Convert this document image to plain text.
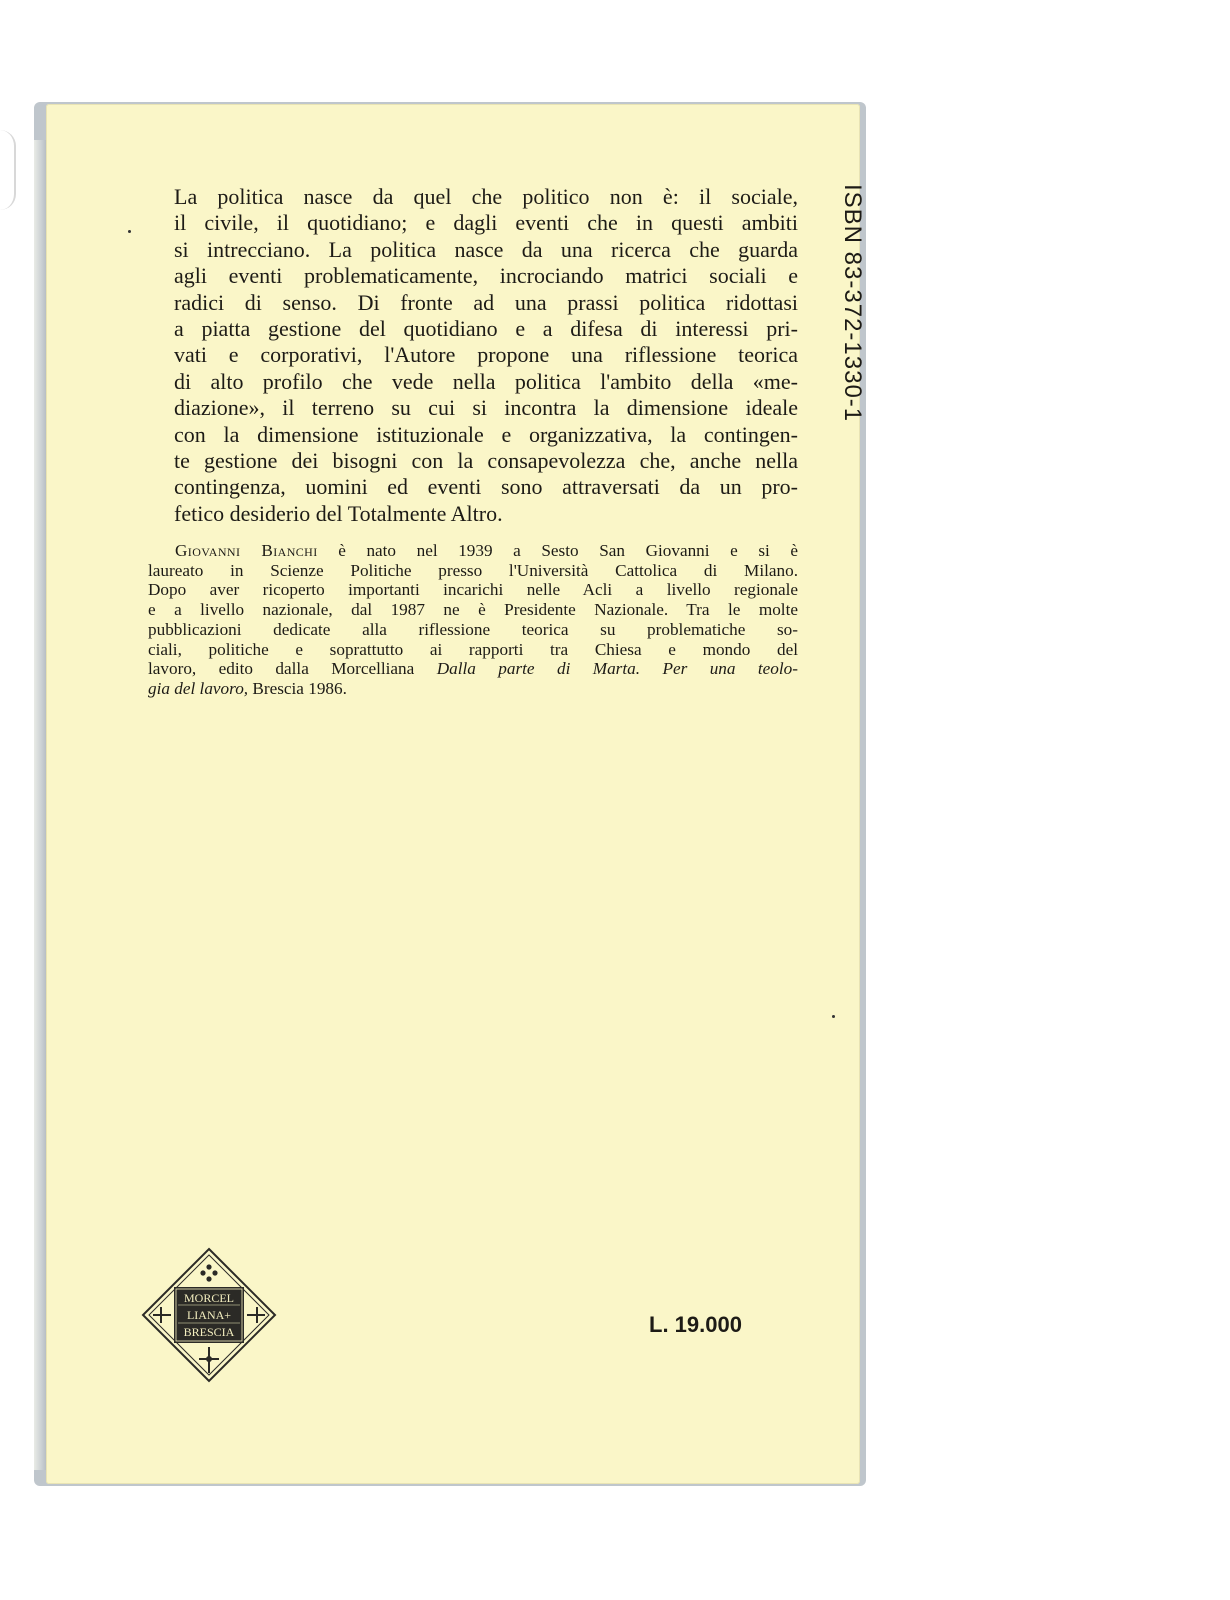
La politica nasce da quel che politico non è: il sociale,
il civile, il quotidiano; e dagli eventi che in questi ambiti
si intrecciano. La politica nasce da una ricerca che guarda
agli eventi problematicamente, incrociando matrici sociali e
radici di senso. Di fronte ad una prassi politica ridottasi
a piatta gestione del quotidiano e a difesa di interessi pri-
vati e corporativi, l'Autore propone una riflessione teorica
di alto profilo che vede nella politica l'ambito della «me-
diazione», il terreno su cui si incontra la dimensione ideale
con la dimensione istituzionale e organizzativa, la contingen-
te gestione dei bisogni con la consapevolezza che, anche nella
contingenza, uomini ed eventi sono attraversati da un pro-
fetico desiderio del Totalmente Altro.
Giovanni Bianchi è nato nel 1939 a Sesto San Giovanni e si è
laureato in Scienze Politiche presso l'Università Cattolica di Milano.
Dopo aver ricoperto importanti incarichi nelle Acli a livello regionale
e a livello nazionale, dal 1987 ne è Presidente Nazionale. Tra le molte
pubblicazioni dedicate alla riflessione teorica su problematiche so-
ciali, politiche e soprattutto ai rapporti tra Chiesa e mondo del
lavoro, edito dalla Morcelliana Dalla parte di Marta. Per una teolo-
gia del lavoro, Brescia 1986.
ISBN 83-372-1330-1
MORCEL
LIANA+
BRESCIA	L. 19.000
